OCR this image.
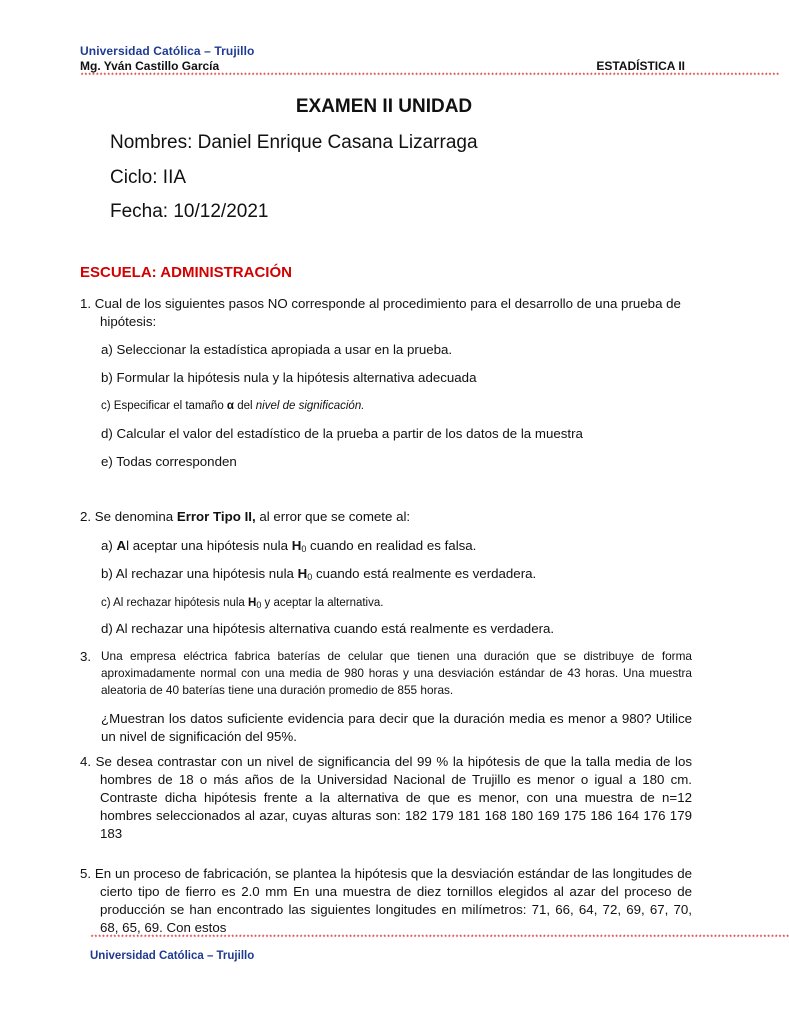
Universidad Católica – Trujillo
Mg. Yván Castillo García	ESTADÍSTICA II
****************************************************************************************************************************************************************************************
EXAMEN II UNIDAD
Nombres: Daniel Enrique Casana Lizarraga
Ciclo: IIA
Fecha: 10/12/2021
ESCUELA: ADMINISTRACIÓN
1. Cual de los siguientes pasos NO corresponde al procedimiento para el desarrollo de una prueba de hipótesis:
a) Seleccionar la estadística apropiada a usar en la prueba.
b) Formular la hipótesis nula y la hipótesis alternativa adecuada
c) Especificar el tamaño α del nivel de significación.
d) Calcular el valor del estadístico de la prueba a partir de los datos de la muestra
e) Todas corresponden
2. Se denomina Error Tipo II, al error que se comete al:
a) Al aceptar una hipótesis nula $H_0$ cuando en realidad es falsa.
b) Al rechazar una hipótesis nula $H_0$ cuando está realmente es verdadera.
c) Al rechazar hipótesis nula $H_0$ y aceptar la alternativa.
d) Al rechazar una hipótesis alternativa cuando está realmente es verdadera.
3. Una empresa eléctrica fabrica baterías de celular que tienen una duración que se distribuye de forma aproximadamente normal con una media de 980 horas y una desviación estándar de 43 horas. Una muestra aleatoria de 40 baterías tiene una duración promedio de 855 horas.
¿Muestran los datos suficiente evidencia para decir que la duración media es menor a 980? Utilice un nivel de significación del 95%.
4. Se desea contrastar con un nivel de significancia del 99 % la hipótesis de que la talla media de los hombres de 18 o más años de la Universidad Nacional de Trujillo es menor o igual a 180 cm. Contraste dicha hipótesis frente a la alternativa de que es menor, con una muestra de n=12 hombres seleccionados al azar, cuyas alturas son: 182 179 181 168 180 169 175 186 164 176 179 183
5. En un proceso de fabricación, se plantea la hipótesis que la desviación estándar de las longitudes de cierto tipo de fierro es 2.0 mm En una muestra de diez tornillos elegidos al azar del proceso de producción se han encontrado las siguientes longitudes en milímetros: 71, 66, 64, 72, 69, 67, 70, 68, 65, 69. Con estos
****************************************************************************************************************************************************************************************
Universidad Católica – Trujillo
